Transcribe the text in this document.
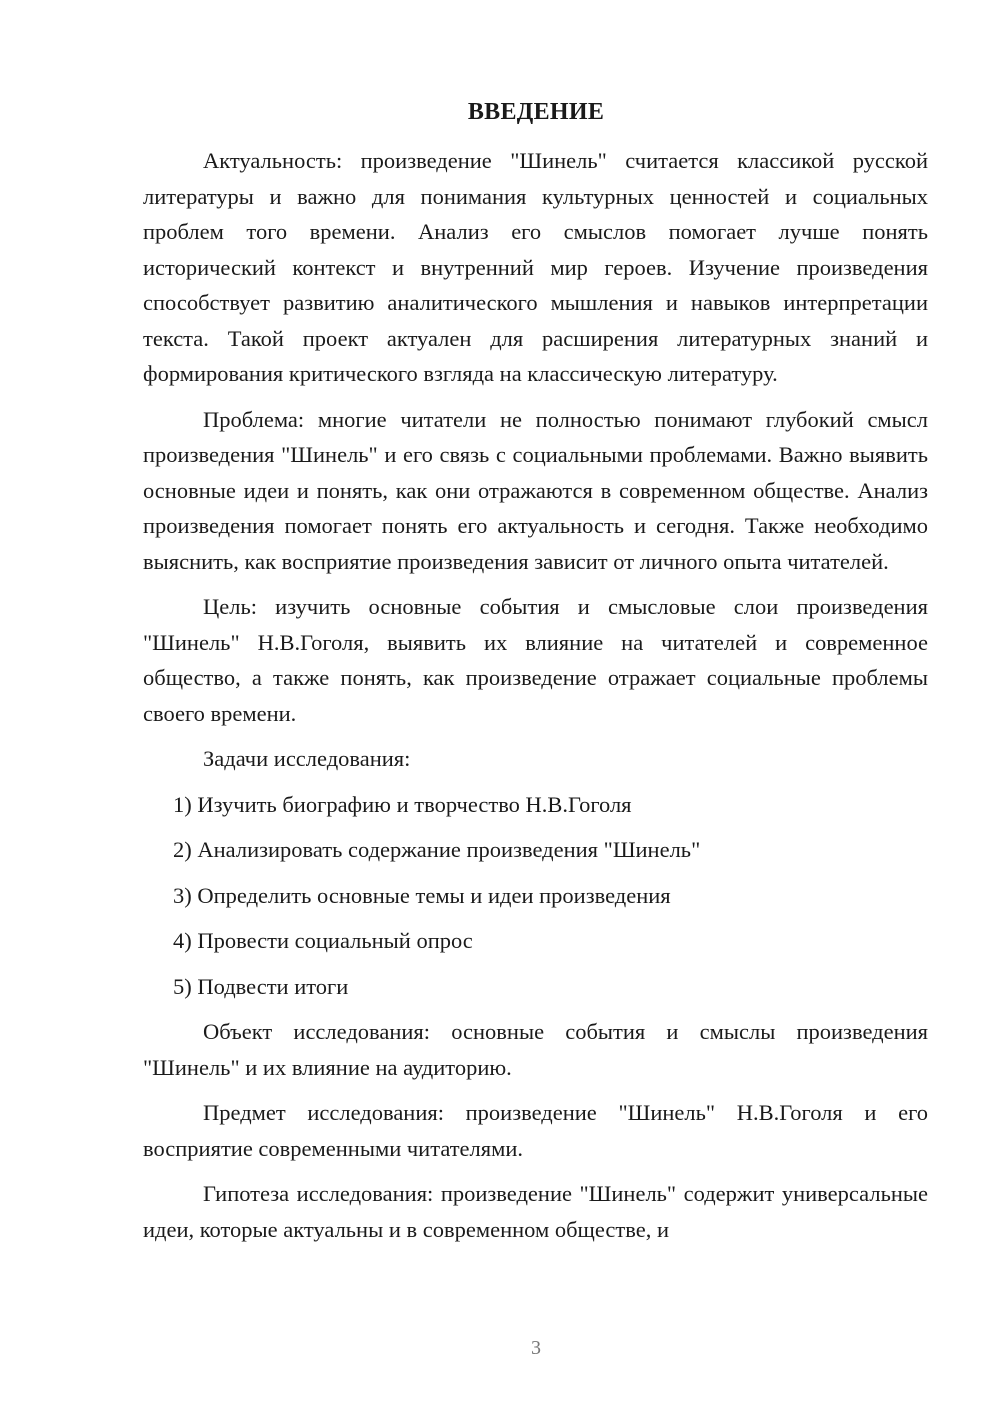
ВВЕДЕНИЕ

Актуальность: произведение "Шинель" считается классикой русской литературы и важно для понимания культурных ценностей и социальных проблем того времени. Анализ его смыслов помогает лучше понять исторический контекст и внутренний мир героев. Изучение произведения способствует развитию аналитического мышления и навыков интерпретации текста. Такой проект актуален для расширения литературных знаний и формирования критического взгляда на классическую литературу.

Проблема: многие читатели не полностью понимают глубокий смысл произведения "Шинель" и его связь с социальными проблемами. Важно выявить основные идеи и понять, как они отражаются в современном обществе. Анализ произведения помогает понять его актуальность и сегодня. Также необходимо выяснить, как восприятие произведения зависит от личного опыта читателей.

Цель: изучить основные события и смысловые слои произведения "Шинель" Н.В.Гоголя, выявить их влияние на читателей и современное общество, а также понять, как произведение отражает социальные проблемы своего времени.

Задачи исследования:

1) Изучить биографию и творчество Н.В.Гоголя
2) Анализировать содержание произведения "Шинель"
3) Определить основные темы и идеи произведения
4) Провести социальный опрос
5) Подвести итоги

Объект исследования: основные события и смыслы произведения "Шинель" и их влияние на аудиторию.

Предмет исследования: произведение "Шинель" Н.В.Гоголя и его восприятие современными читателями.

Гипотеза исследования: произведение "Шинель" содержит универсальные идеи, которые актуальны и в современном обществе, и

3
